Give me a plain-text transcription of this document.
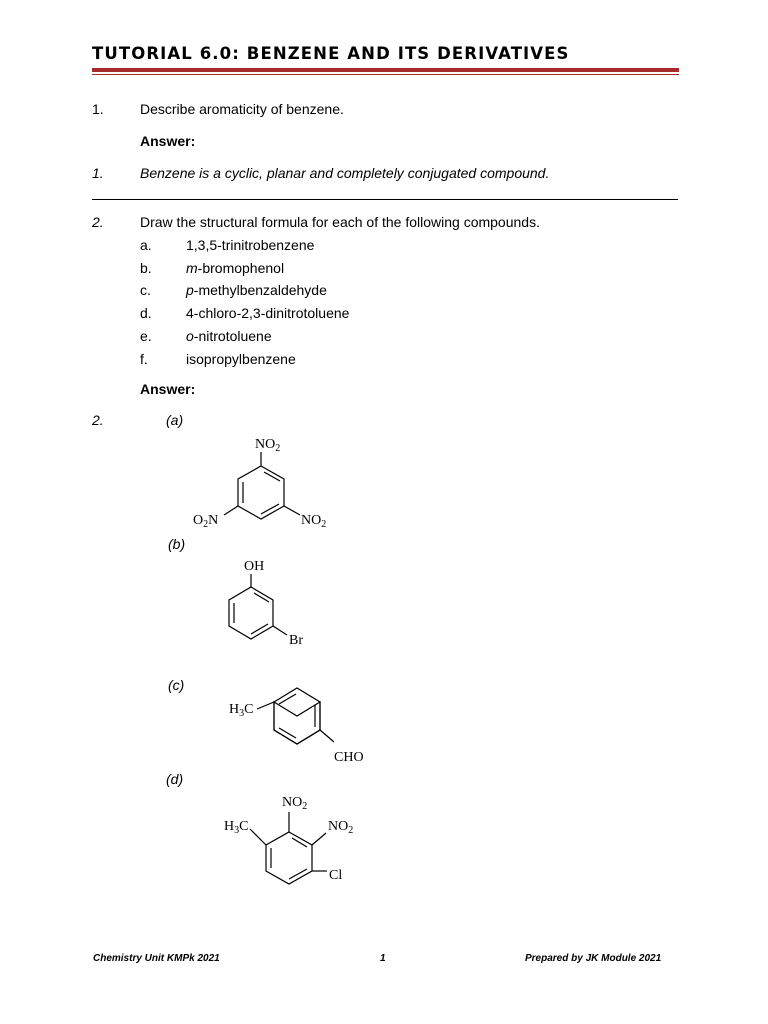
TUTORIAL 6.0: BENZENE AND ITS DERIVATIVES
1.	Describe aromaticity of benzene.
Answer:
1.	Benzene is a cyclic, planar and completely conjugated compound.
2.	Draw the structural formula for each of the following compounds.
a. 1,3,5-trinitrobenzene
b. m-bromophenol
c.	p-methylbenzaldehyde
d. 4-chloro-2,3-dinitrotoluene
e. o-nitrotoluene
f.	isopropylbenzene
Answer:
2.	(a)
(b)
(c)
(d)
$NO_2$
$O_2N$	$NO_2$
OH
Br
$H_3C$
CHO
$NO_2$
$NO_2$
$H_3C$
Cl
Chemistry Unit KMPk 2021	1	Prepared by JK Module 2021
